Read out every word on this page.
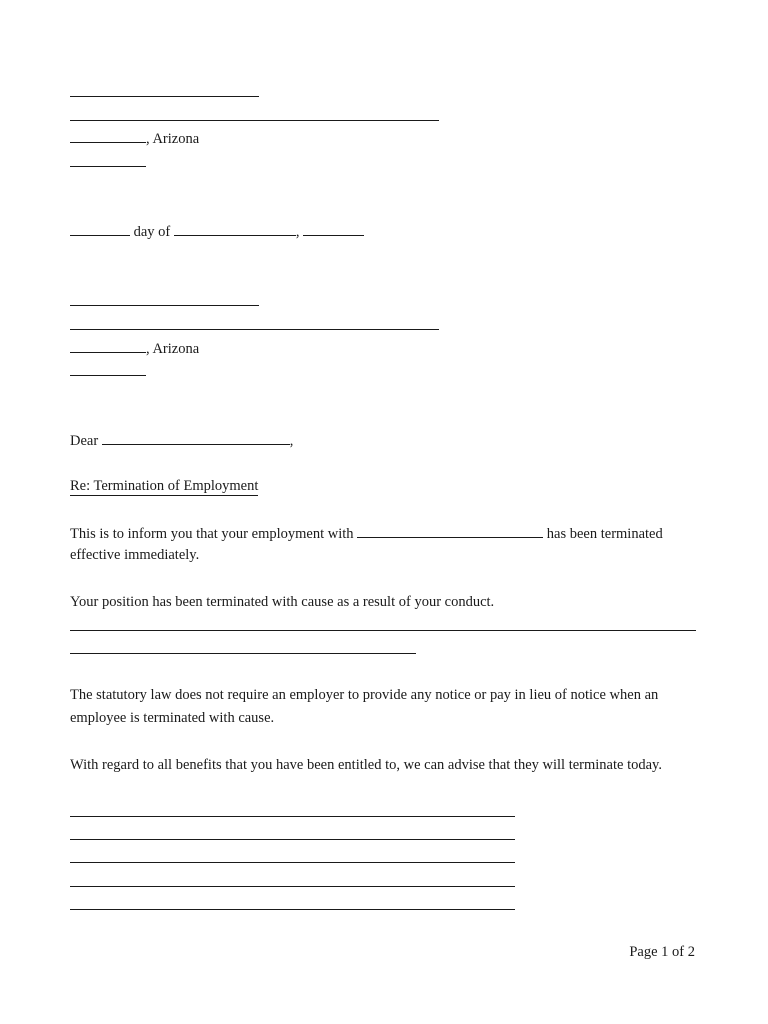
, Arizona
day of	,
, Arizona
Dear	,
Re: Termination of Employment
This is to inform you that your employment with	has been terminated
effective immediately.
Your position has been terminated with cause as a result of your conduct.
The statutory law does not require an employer to provide any notice or pay in lieu of notice when an
employee is terminated with cause.
With regard to all benefits that you have been entitled to, we can advise that they will terminate today.
Page 1 of 2
